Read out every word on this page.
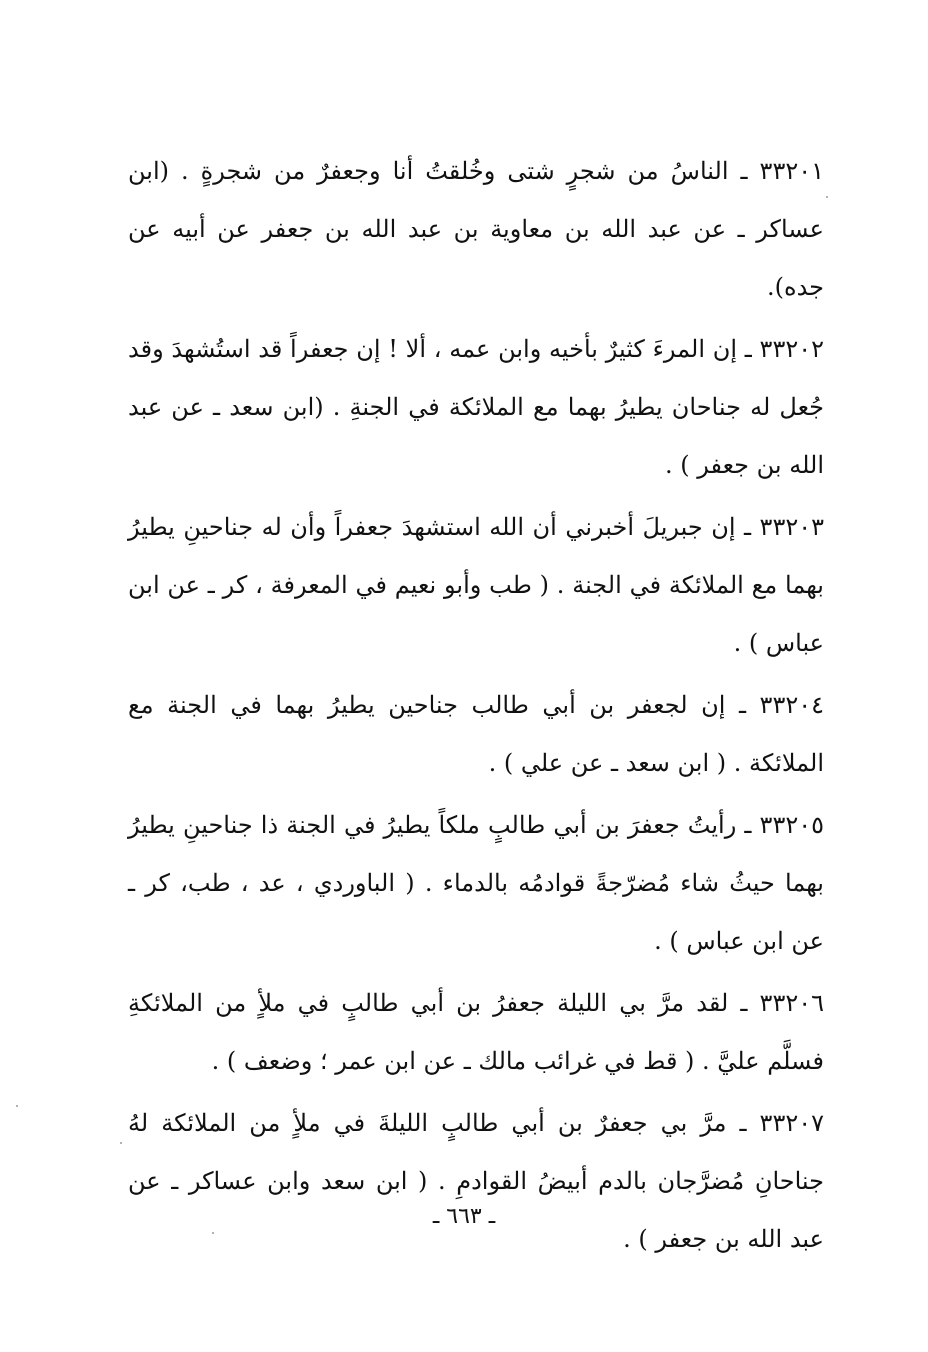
٣٣٢٠١ ـ الناسُ من شجرٍ شتى وخُلقتُ أنا وجعفرٌ من شجرةٍ . (ابن عساكر ـ عن عبد الله بن معاوية بن عبد الله بن جعفر عن أبيه عن جده).

٣٣٢٠٢ ـ إن المرءَ كثيرٌ بأخيه وابن عمه ، ألا ! إن جعفراً قد استُشهدَ وقد جُعل له جناحان يطيرُ بهما مع الملائكة في الجنةِ . (ابن سعد ـ عن عبد الله بن جعفر ) .

٣٣٢٠٣ ـ إن جبريلَ أخبرني أن الله استشهدَ جعفراً وأن له جناحينِ يطيرُ بهما مع الملائكة في الجنة . ( طب وأبو نعيم في المعرفة ، كر ـ عن ابن عباس ) .

٣٣٢٠٤ ـ إن لجعفر بن أبي طالب جناحين يطيرُ بهما في الجنة مع الملائكة . ( ابن سعد ـ عن علي ) .

٣٣٢٠٥ ـ رأيتُ جعفرَ بن أبي طالبٍ ملكاً يطيرُ في الجنة ذا جناحينِ يطيرُ بهما حيثُ شاء مُضرّجةً قوادمُه بالدماء . ( الباوردي ، عد ، طب، كر ـ عن ابن عباس ) .

٣٣٢٠٦ ـ لقد مرَّ بي الليلة جعفرُ بن أبي طالبٍ في ملأٍ من الملائكةِ فسلَّم عليَّ . ( قط في غرائب مالك ـ عن ابن عمر ؛ وضعف ) .

٣٣٢٠٧ ـ مرَّ بي جعفرٌ بن أبي طالبٍ الليلةَ في ملأٍ من الملائكة لهُ جناحانِ مُضرَّجان بالدم أبيضُ القوادمِ . ( ابن سعد وابن عساكر ـ عن عبد الله بن جعفر ) .

ـ ٦٦٣ ـ
